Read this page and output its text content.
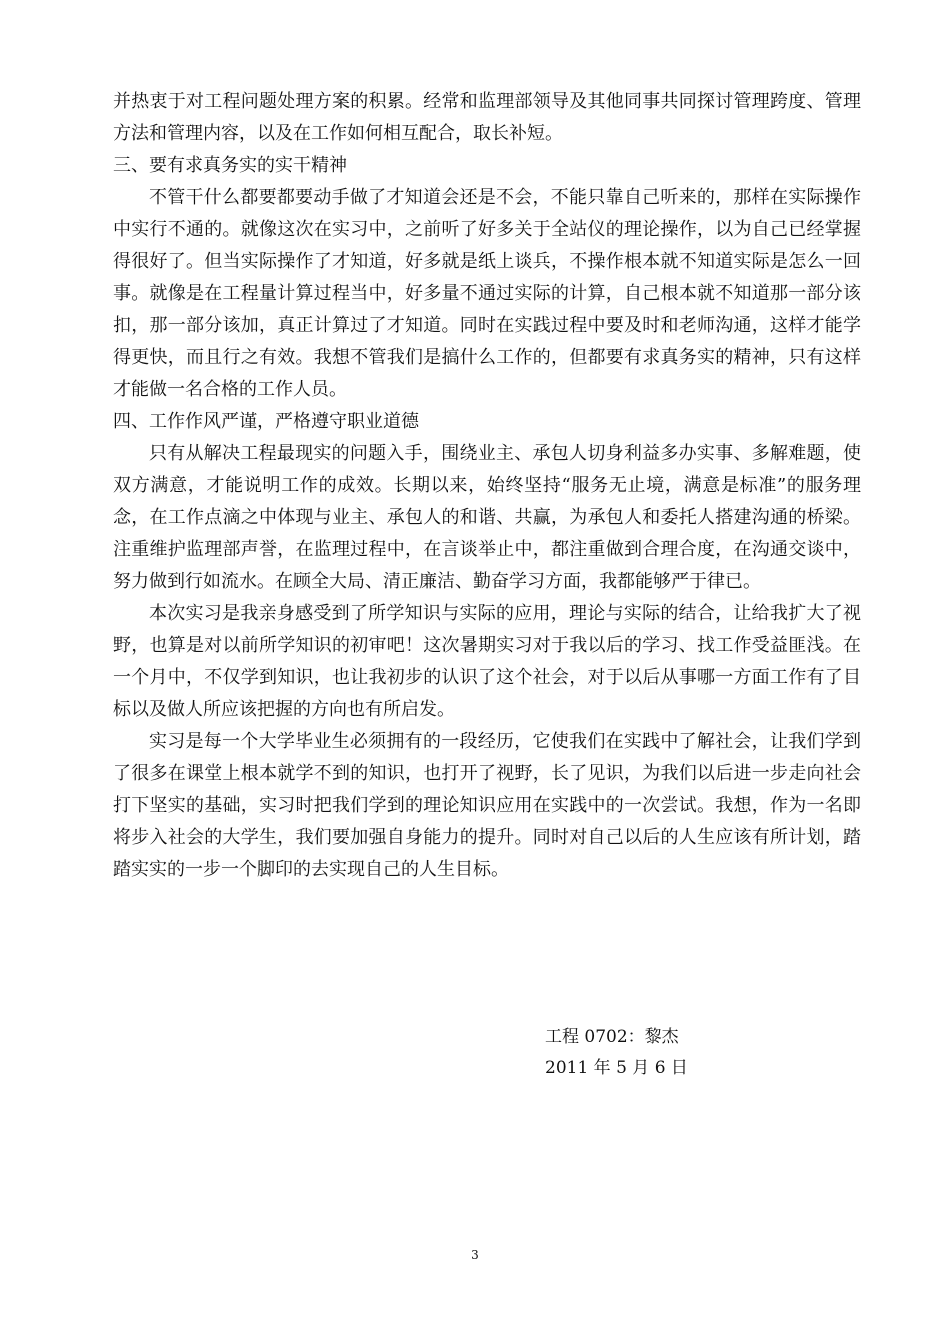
并热衷于对工程问题处理方案的积累。经常和监理部领导及其他同事共同探讨管理跨度、管理方法和管理内容，以及在工作如何相互配合，取长补短。

三、要有求真务实的实干精神

不管干什么都要都要动手做了才知道会还是不会，不能只靠自己听来的，那样在实际操作中实行不通的。就像这次在实习中，之前听了好多关于全站仪的理论操作，以为自己已经掌握得很好了。但当实际操作了才知道，好多就是纸上谈兵，不操作根本就不知道实际是怎么一回事。就像是在工程量计算过程当中，好多量不通过实际的计算，自己根本就不知道那一部分该扣，那一部分该加，真正计算过了才知道。同时在实践过程中要及时和老师沟通，这样才能学得更快，而且行之有效。我想不管我们是搞什么工作的，但都要有求真务实的精神，只有这样才能做一名合格的工作人员。

四、工作作风严谨，严格遵守职业道德

只有从解决工程最现实的问题入手，围绕业主、承包人切身利益多办实事、多解难题，使双方满意，才能说明工作的成效。长期以来，始终坚持“服务无止境，满意是标准”的服务理念，在工作点滴之中体现与业主、承包人的和谐、共赢，为承包人和委托人搭建沟通的桥梁。注重维护监理部声誉，在监理过程中，在言谈举止中，都注重做到合理合度，在沟通交谈中，努力做到行如流水。在顾全大局、清正廉洁、勤奋学习方面，我都能够严于律已。

本次实习是我亲身感受到了所学知识与实际的应用，理论与实际的结合，让给我扩大了视野，也算是对以前所学知识的初审吧！这次暑期实习对于我以后的学习、找工作受益匪浅。在一个月中，不仅学到知识，也让我初步的认识了这个社会，对于以后从事哪一方面工作有了目标以及做人所应该把握的方向也有所启发。

实习是每一个大学毕业生必须拥有的一段经历，它使我们在实践中了解社会，让我们学到了很多在课堂上根本就学不到的知识，也打开了视野，长了见识，为我们以后进一步走向社会打下坚实的基础，实习时把我们学到的理论知识应用在实践中的一次尝试。我想，作为一名即将步入社会的大学生，我们要加强自身能力的提升。同时对自己以后的人生应该有所计划，踏踏实实的一步一个脚印的去实现自己的人生目标。

工程 0702：黎杰
2011 年 5 月 6 日
3
